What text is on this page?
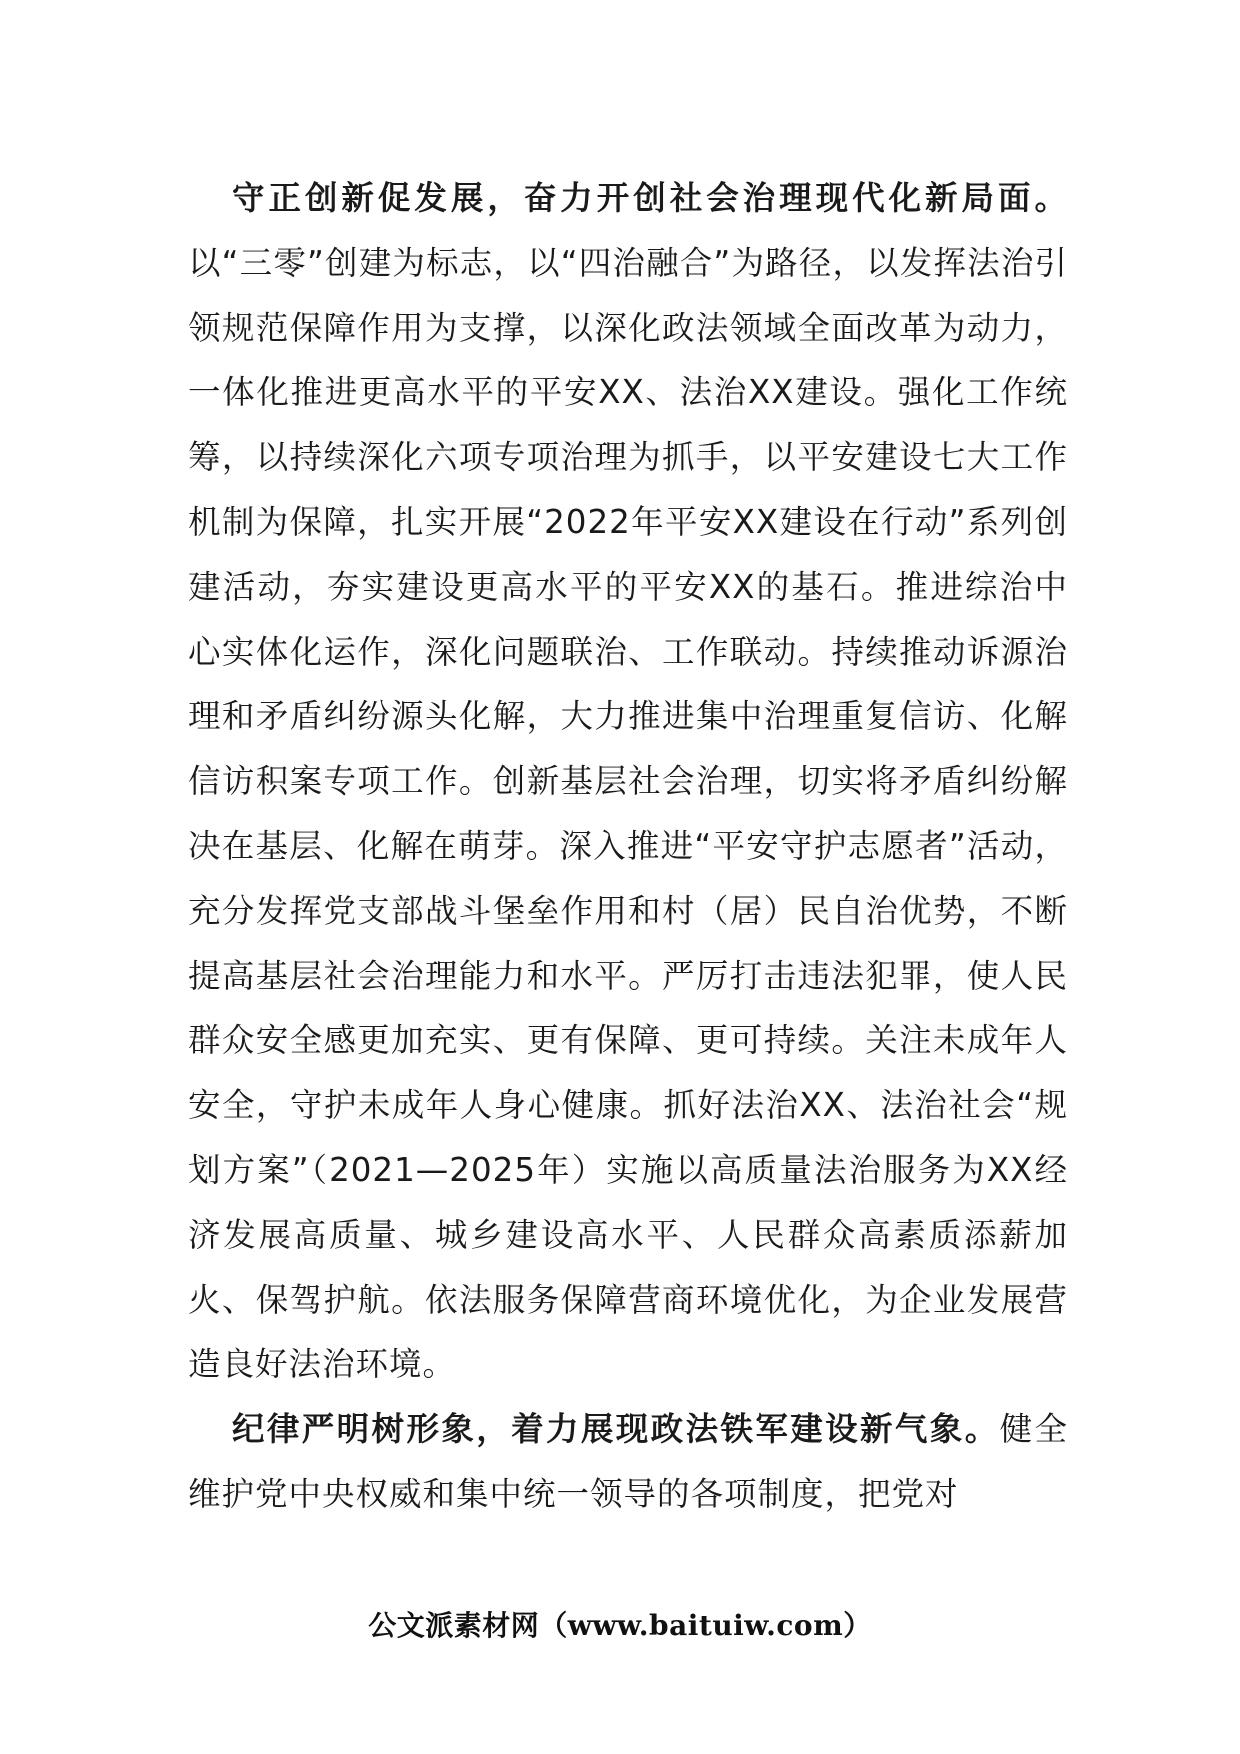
守正创新促发展，奋力开创社会治理现代化新局面。以“三零”创建为标志，以“四治融合”为路径，以发挥法治引领规范保障作用为支撑，以深化政法领域全面改革为动力，一体化推进更高水平的平安XX、法治XX建设。强化工作统筹，以持续深化六项专项治理为抓手，以平安建设七大工作机制为保障，扎实开展“2022年平安XX建设在行动”系列创建活动，夯实建设更高水平的平安XX的基石。推进综治中心实体化运作，深化问题联治、工作联动。持续推动诉源治理和矛盾纠纷源头化解，大力推进集中治理重复信访、化解信访积案专项工作。创新基层社会治理，切实将矛盾纠纷解决在基层、化解在萌芽。深入推进“平安守护志愿者”活动，充分发挥党支部战斗堡垒作用和村（居）民自治优势，不断提高基层社会治理能力和水平。严厉打击违法犯罪，使人民群众安全感更加充实、更有保障、更可持续。关注未成年人安全，守护未成年人身心健康。抓好法治XX、法治社会“规划方案”（2021—2025年）实施以高质量法治服务为XX经济发展高质量、城乡建设高水平、人民群众高素质添薪加火、保驾护航。依法服务保障营商环境优化，为企业发展营造良好法治环境。

纪律严明树形象，着力展现政法铁军建设新气象。健全维护党中央权威和集中统一领导的各项制度，把党对

公文派素材网（www.baituiw.com）
